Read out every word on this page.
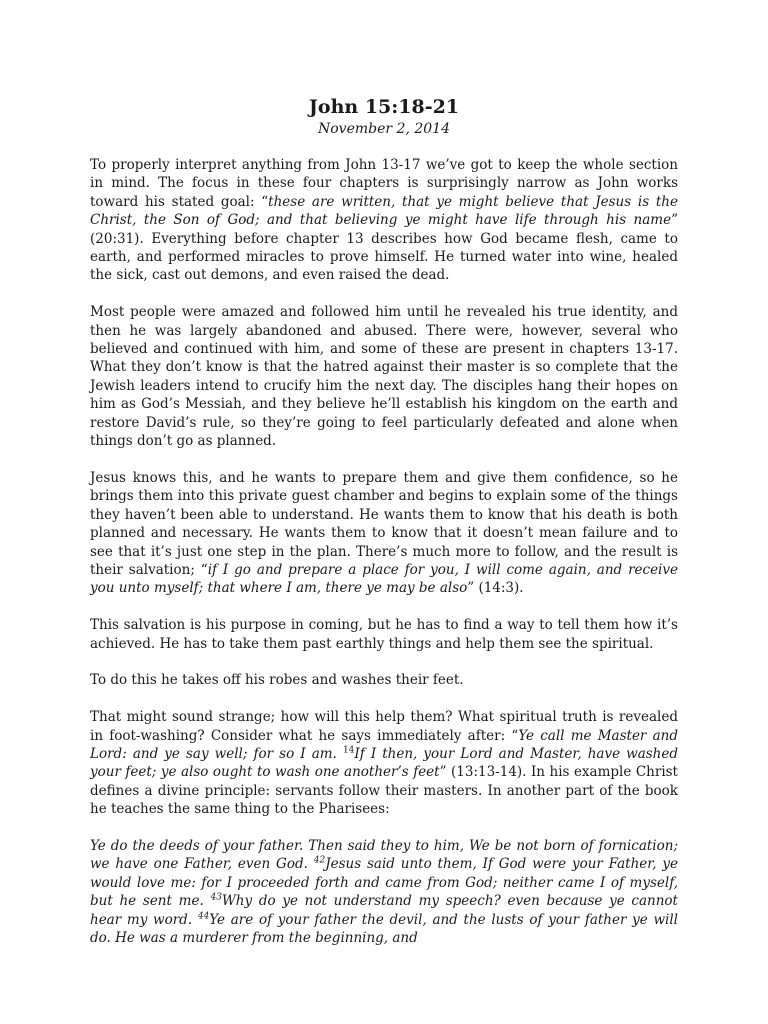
John 15:18-21
November 2, 2014

To properly interpret anything from John 13-17 we’ve got to keep the whole section in mind. The focus in these four chapters is surprisingly narrow as John works toward his stated goal: “these are written, that ye might believe that Jesus is the Christ, the Son of God; and that believing ye might have life through his name” (20:31). Everything before chapter 13 describes how God became flesh, came to earth, and performed miracles to prove himself. He turned water into wine, healed the sick, cast out demons, and even raised the dead.

Most people were amazed and followed him until he revealed his true identity, and then he was largely abandoned and abused. There were, however, several who believed and continued with him, and some of these are present in chapters 13-17. What they don’t know is that the hatred against their master is so complete that the Jewish leaders intend to crucify him the next day. The disciples hang their hopes on him as God’s Messiah, and they believe he’ll establish his kingdom on the earth and restore David’s rule, so they’re going to feel particularly defeated and alone when things don’t go as planned.

Jesus knows this, and he wants to prepare them and give them confidence, so he brings them into this private guest chamber and begins to explain some of the things they haven’t been able to understand. He wants them to know that his death is both planned and necessary. He wants them to know that it doesn’t mean failure and to see that it’s just one step in the plan. There’s much more to follow, and the result is their salvation; “if I go and prepare a place for you, I will come again, and receive you unto myself; that where I am, there ye may be also” (14:3).

This salvation is his purpose in coming, but he has to find a way to tell them how it’s achieved. He has to take them past earthly things and help them see the spiritual.

To do this he takes off his robes and washes their feet.

That might sound strange; how will this help them? What spiritual truth is revealed in foot-washing? Consider what he says immediately after: “Ye call me Master and Lord: and ye say well; for so I am. $^{14}$If I then, your Lord and Master, have washed your feet; ye also ought to wash one another’s feet” (13:13-14). In his example Christ defines a divine principle: servants follow their masters. In another part of the book he teaches the same thing to the Pharisees:

Ye do the deeds of your father. Then said they to him, We be not born of fornication; we have one Father, even God. $^{42}$Jesus said unto them, If God were your Father, ye would love me: for I proceeded forth and came from God; neither came I of myself, but he sent me. $^{43}$Why do ye not understand my speech? even because ye cannot hear my word. $^{44}$Ye are of your father the devil, and the lusts of your father ye will do. He was a murderer from the beginning, and
